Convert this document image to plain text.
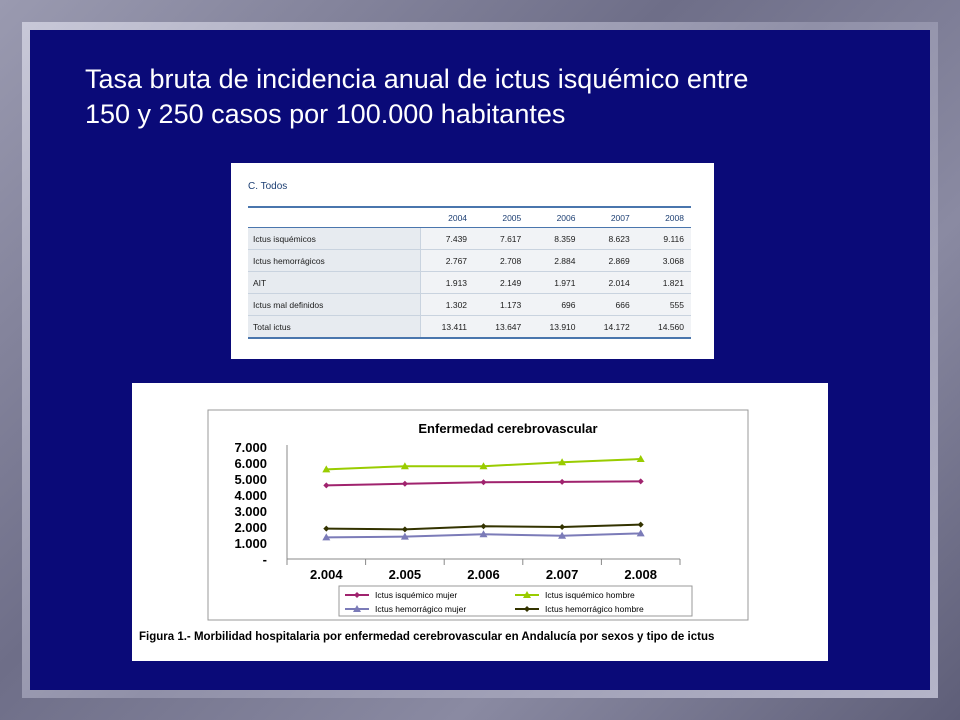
Tasa bruta de incidencia anual de ictus isquémico entre
150 y 250 casos por 100.000 habitantes
C. Todos
	2004	2005	2006	2007	2008
Ictus isquémicos	7.439	7.617	8.359	8.623	9.116
Ictus hemorrágicos	2.767	2.708	2.884	2.869	3.068
AIT	1.913	2.149	1.971	2.014	1.821
Ictus mal definidos	1.302	1.173	696	666	555
Total ictus	13.411	13.647	13.910	14.172	14.560
Enfermedad cerebrovascular
7.000
6.000
5.000
4.000
3.000
2.000
1.000
-
2.004	2.005	2.006	2.007	2.008
Ictus isquémico mujer	Ictus isquémico hombre
Ictus hemorrágico mujer	Ictus hemorrágico hombre
Figura 1.- Morbilidad hospitalaria por enfermedad cerebrovascular en Andalucía por sexos y tipo de ictus
